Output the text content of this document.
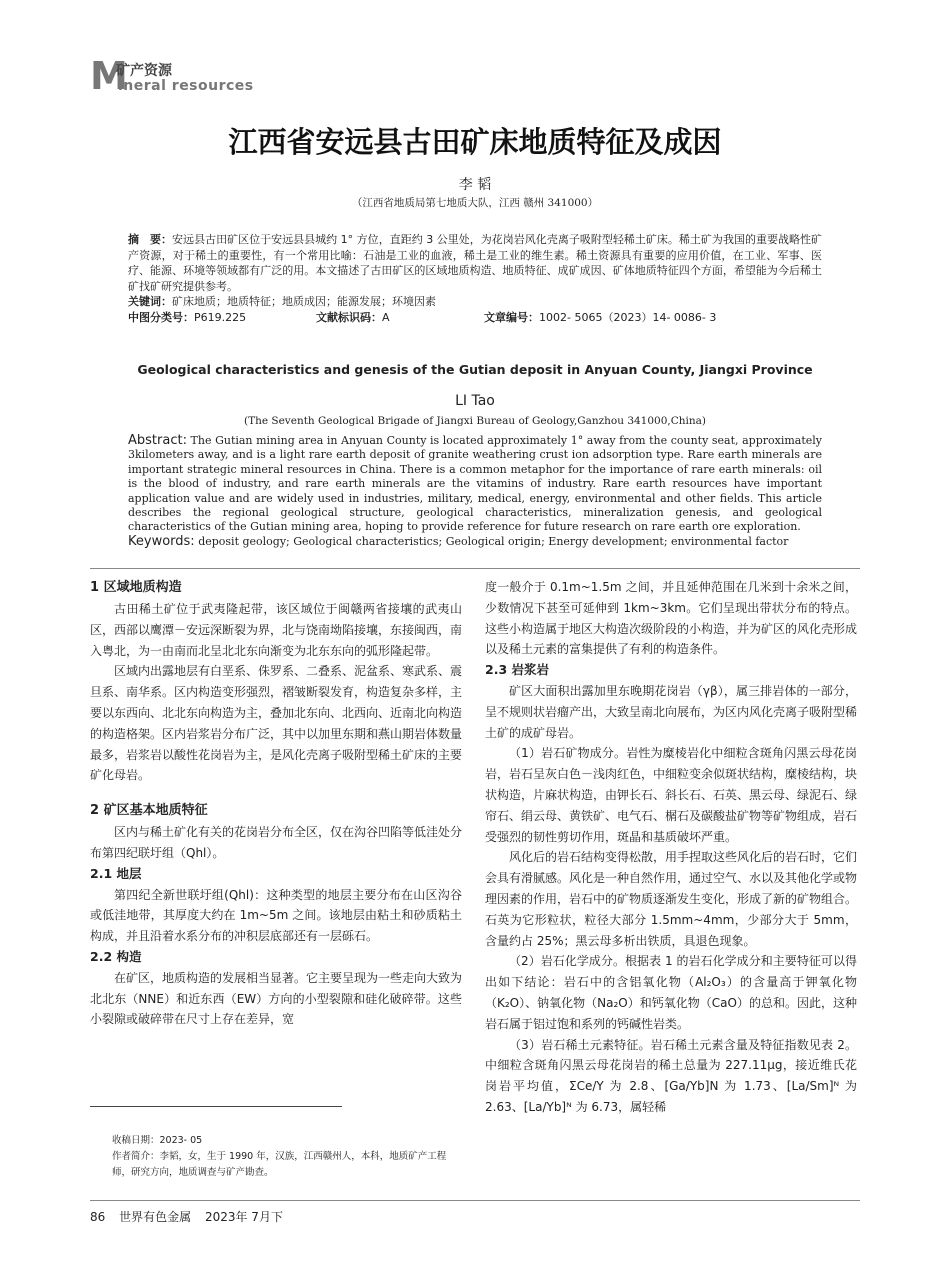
M
矿产资源
ineral resources
江西省安远县古田矿床地质特征及成因
李 韬
（江西省地质局第七地质大队，江西 赣州 341000）

摘　要：安远县古田矿区位于安远县县城约 1° 方位，直距约 3 公里处，为花岗岩风化壳离子吸附型轻稀土矿床。稀土矿为我国的重要战略性矿产资源，对于稀土的重要性，有一个常用比喻：石油是工业的血液，稀土是工业的维生素。稀土资源具有重要的应用价值，在工业、军事、医疗、能源、环境等领域都有广泛的用。本文描述了古田矿区的区域地质构造、地质特征、成矿成因、矿体地质特征四个方面，希望能为今后稀土矿找矿研究提供参考。

关键词：矿床地质；地质特征；地质成因；能源发展；环境因素

中图分类号：P619.225	文献标识码：A	文章编号：1002- 5065（2023）14- 0086- 3
Geological characteristics and genesis of the Gutian deposit in Anyuan County, Jiangxi Province
LI Tao
(The Seventh Geological Brigade of Jiangxi Bureau of Geology,Ganzhou 341000,China)

Abstract: The Gutian mining area in Anyuan County is located approximately 1° away from the county seat, approximately 3kilometers away, and is a light rare earth deposit of granite weathering crust ion adsorption type. Rare earth minerals are important strategic mineral resources in China. There is a common metaphor for the importance of rare earth minerals: oil is the blood of industry, and rare earth minerals are the vitamins of industry. Rare earth resources have important application value and are widely used in industries, military, medical, energy, environmental and other fields. This article describes the regional geological structure, geological characteristics, mineralization genesis, and geological characteristics of the Gutian mining area, hoping to provide reference for future research on rare earth ore exploration.

Keywords: deposit geology; Geological characteristics; Geological origin; Energy development; environmental factor

1 区域地质构造

古田稀土矿位于武夷隆起带，该区域位于闽赣两省接壤的武夷山区，西部以鹰潭－安远深断裂为界，北与饶南坳陷接壤，东接闽西，南入粤北，为一由南而北呈北北东向渐变为北东东向的弧形隆起带。

区域内出露地层有白垩系、侏罗系、二叠系、泥盆系、寒武系、震旦系、南华系。区内构造变形强烈，褶皱断裂发育，构造复杂多样，主要以东西向、北北东向构造为主，叠加北东向、北西向、近南北向构造的构造格架。区内岩浆岩分布广泛，其中以加里东期和燕山期岩体数量最多，岩浆岩以酸性花岗岩为主，是风化壳离子吸附型稀土矿床的主要矿化母岩。

2 矿区基本地质特征

区内与稀土矿化有关的花岗岩分布全区，仅在沟谷凹陷等低洼处分布第四纪联圩组（Qhl）。

2.1 地层

第四纪全新世联圩组(Qhl)：这种类型的地层主要分布在山区沟谷或低洼地带，其厚度大约在 1m~5m 之间。该地层由粘土和砂质粘土构成，并且沿着水系分布的冲积层底部还有一层砾石。

2.2 构造

在矿区，地质构造的发展相当显著。它主要呈现为一些走向大致为北北东（NNE）和近东西（EW）方向的小型裂隙和硅化破碎带。这些小裂隙或破碎带在尺寸上存在差异，宽

度一般介于 0.1m~1.5m 之间，并且延伸范围在几米到十余米之间，少数情况下甚至可延伸到 1km~3km。它们呈现出带状分布的特点。这些小构造属于地区大构造次级阶段的小构造，并为矿区的风化壳形成以及稀土元素的富集提供了有利的构造条件。

2.3 岩浆岩

矿区大面积出露加里东晚期花岗岩（γβ），属三排岩体的一部分，呈不规则状岩瘤产出，大致呈南北向展布，为区内风化壳离子吸附型稀土矿的成矿母岩。

（1）岩石矿物成分。岩性为糜棱岩化中细粒含斑角闪黑云母花岗岩，岩石呈灰白色－浅肉红色，中细粒变余似斑状结构，糜棱结构，块状构造，片麻状构造，由钾长石、斜长石、石英、黑云母、绿泥石、绿帘石、绢云母、黄铁矿、电气石、榍石及碳酸盐矿物等矿物组成，岩石受强烈的韧性剪切作用，斑晶和基质破坏严重。

风化后的岩石结构变得松散，用手捏取这些风化后的岩石时，它们会具有滑腻感。风化是一种自然作用，通过空气、水以及其他化学或物理因素的作用，岩石中的矿物质逐渐发生变化，形成了新的矿物组合。石英为它形粒状，粒径大部分 1.5mm~4mm，少部分大于 5mm，含量约占 25%；黑云母多析出铁质，具退色现象。

（2）岩石化学成分。根据表 1 的岩石化学成分和主要特征可以得出如下结论：岩石中的含铝氧化物（Al₂O₃）的含量高于钾氧化物（K₂O）、钠氧化物（Na₂O）和钙氧化物（CaO）的总和。因此，这种岩石属于铝过饱和系列的钙碱性岩类。

（3）岩石稀土元素特征。岩石稀土元素含量及特征指数见表 2。中细粒含斑角闪黑云母花岗岩的稀土总量为 227.11μg，接近维氏花岗岩平均值，ΣCe/Y 为 2.8、[Ga/Yb]N 为 1.73、[La/Sm]ᴺ 为 2.63、[La/Yb]ᴺ 为 6.73，属轻稀

收稿日期：2023- 05

作者简介：李韬，女，生于 1990 年，汉族，江西赣州人，本科，地质矿产工程师，研究方向，地质调查与矿产勘查。

86 世界有色金属 2023年 7月下
